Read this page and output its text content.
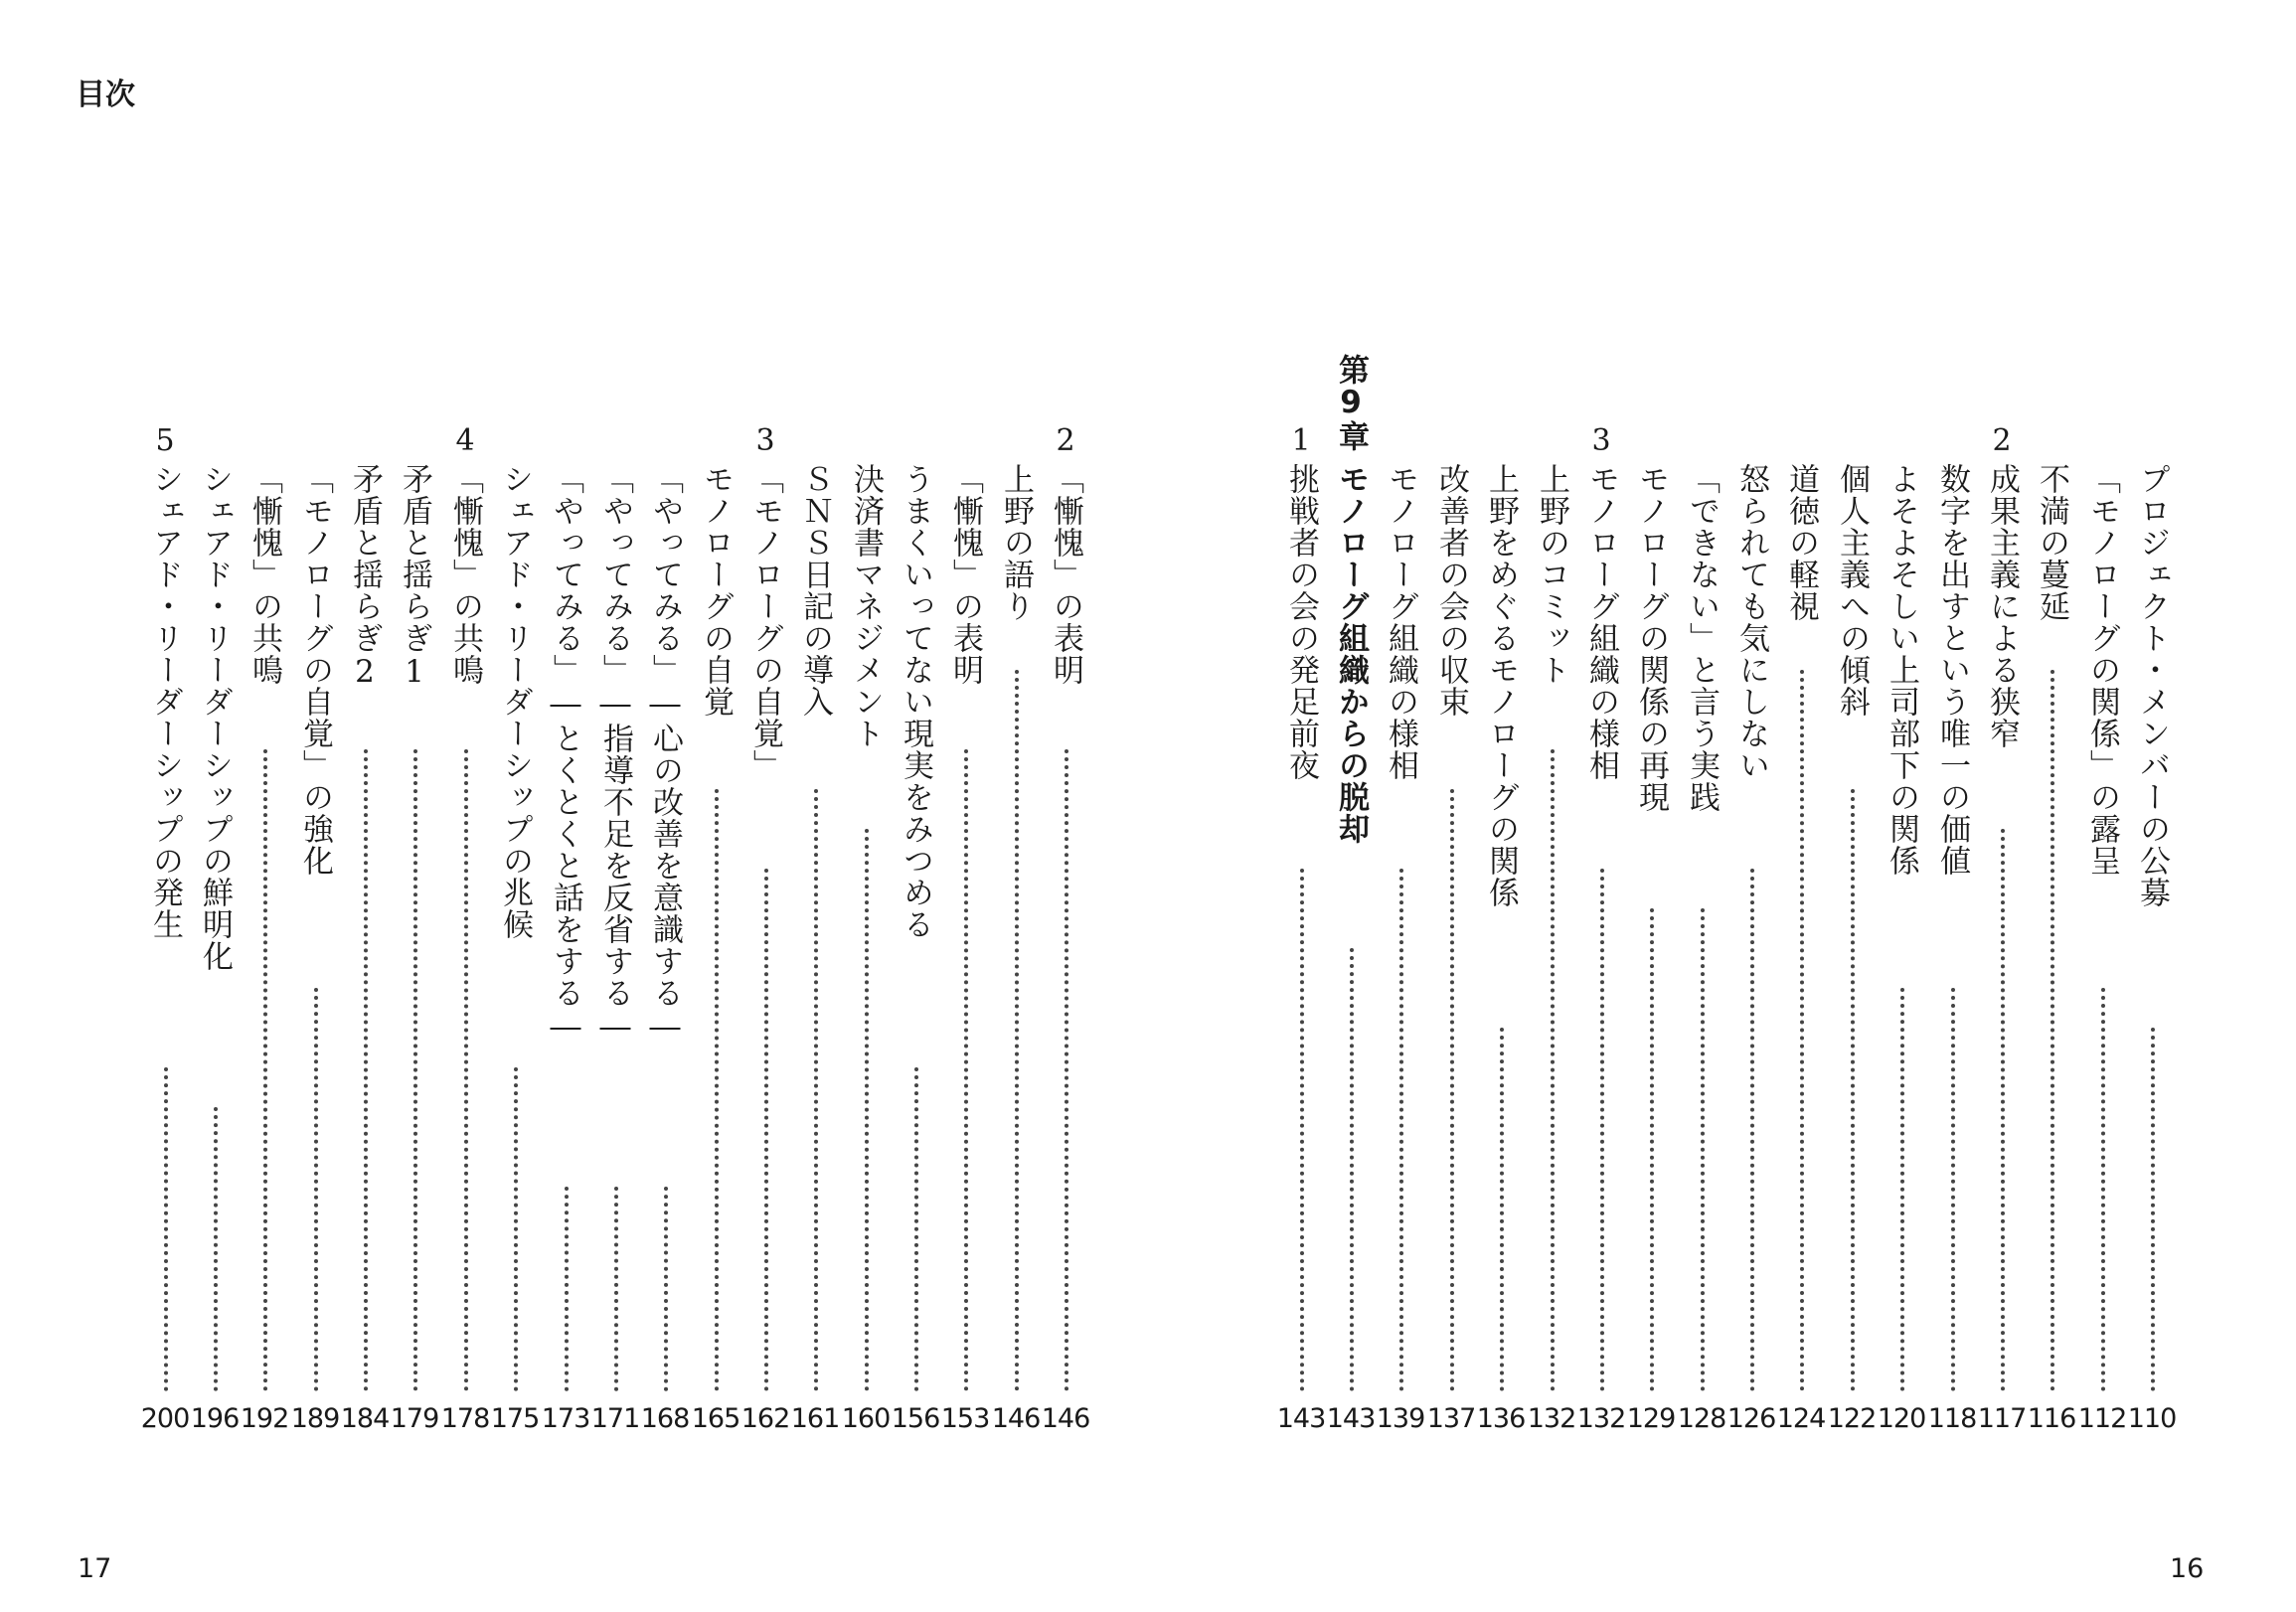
目次
プロジェクト・メンバーの公募
110
「モノローグの関係」の露呈
112
不満の蔓延
116
2
成果主義による狭窄
117
数字を出すという唯一の価値
118
よそよそしい上司部下の関係
120
個人主義への傾斜
122
道徳の軽視
124
怒られても気にしない
126
「できない」と言う実践
128
モノローグの関係の再現
129
3
モノローグ組織の様相
132
上野のコミット
132
上野をめぐるモノローグの関係
136
改善者の会の収束
137
モノローグ組織の様相
139
第9章
モノローグ組織からの脱却
143
1
挑戦者の会の発足前夜
143
2
「慚愧」の表明
146
上野の語り
146
「慚愧」の表明
153
うまくいってない現実をみつめる
156
決済書マネジメント
160
ＳＮＳ日記の導入
161
3
「モノローグの自覚」
162
モノローグの自覚
165
「やってみる」―心の改善を意識する―
168
「やってみる」―指導不足を反省する―
171
「やってみる」―とくとくと話をする―
173
シェアド・リーダーシップの兆候
175
4
「慚愧」の共鳴
178
矛盾と揺らぎ1
179
矛盾と揺らぎ2
184
「モノローグの自覚」の強化
189
「慚愧」の共鳴
192
シェアド・リーダーシップの鮮明化
196
5
シェアド・リーダーシップの発生
200
17	16
